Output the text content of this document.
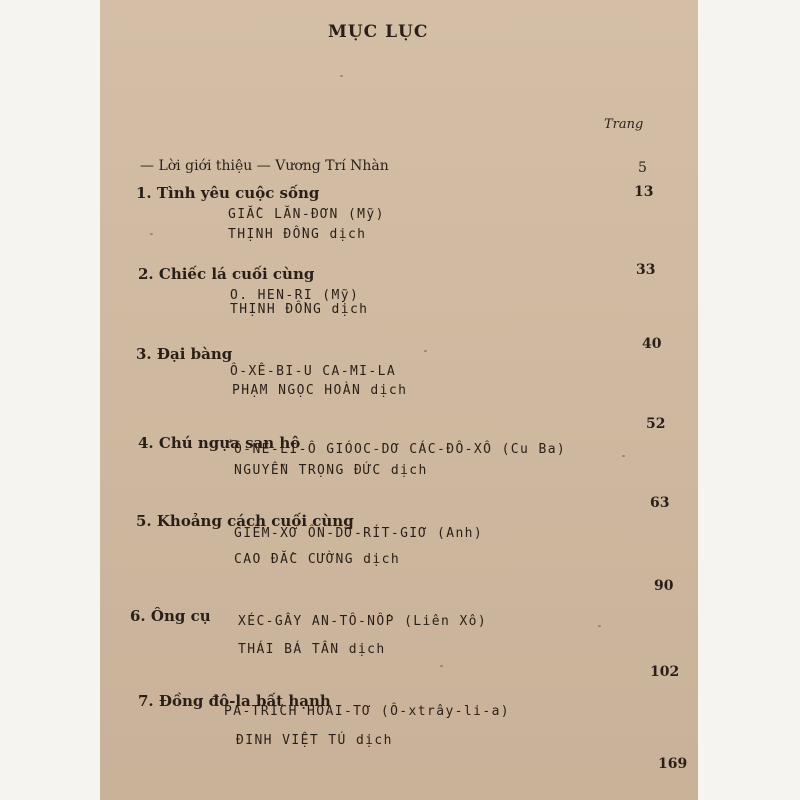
MỤC LỤC
Trang
— Lời giới thiệu — Vương Trí Nhàn	5
1. Tình yêu cuộc sống
GIẮC LĂN-ĐƠN (Mỹ)
THỊNH ĐỒNG dịch
13
2. Chiếc lá cuối cùng
O. HEN-RI (Mỹ)
THỊNH ĐỒNG dịch
33
3. Đại bàng
Ô-XÊ-BI-U CA-MI-LA
PHẠM NGỌC HOÀN dịch
40
4. Chú ngựa san hô
Ô-NE-LI-Ô GIÓOC-DƠ CÁC-ĐÔ-XÔ (Cu Ba)
NGUYỄN TRỌNG ĐỨC dịch
52
5. Khoảng cách cuối cùng
GIÊM-XƠ ÔN-DƠ-RÍT-GIƠ (Anh)
CAO ĐẮC CƯỜNG dịch
63
6. Ông cụ XÉC-GÂY AN-TÔ-NỐP (Liên Xô)
THÁI BÁ TÂN dịch
90
7. Đồng đô-la bất hạnh
PA-TRÍCH HOAI-TƠ (Ô-xtrây-li-a)
ĐINH VIỆT TÚ dịch
102
169
